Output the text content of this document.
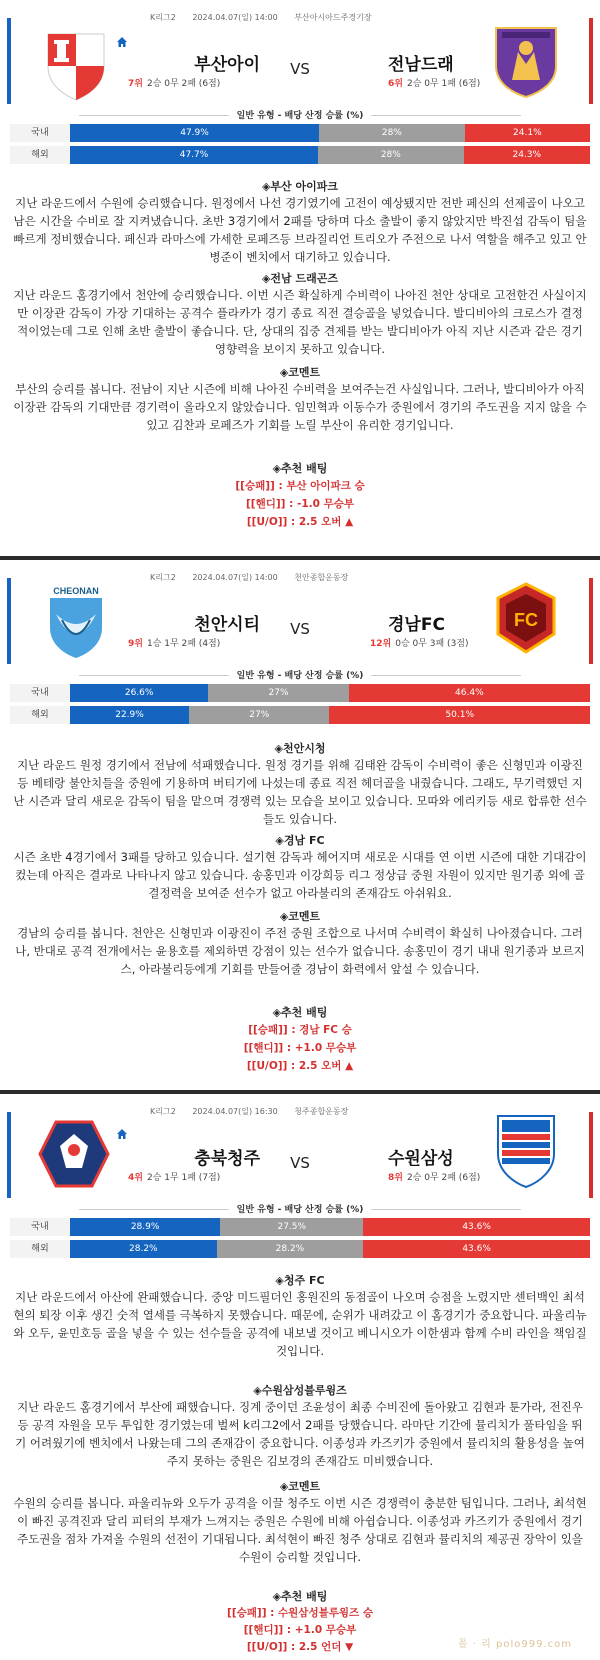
K리그2 2024.04.07(일) 14:00 부산아시아드주경기장
부산아이
7위 2승 0무 2패 (6점)
VS	전남드래
6위 2승 0무 1패 (6점)
일반 유형 - 배당 산정 승률 (%)
국내	47.9%	28%	24.1%
해외	47.7%	28%	24.3%
◈부산 아이파크
지난 라운드에서 수원에 승리했습니다. 원정에서 나선 경기였기에 고전이 예상됐지만 전반 페신의 선제골이 나오고 남은 시간을 수비로 잘 지켜냈습니다. 초반 3경기에서 2패를 당하며 다소 출발이 좋지 않았지만 박진섭 감독이 팀을 빠르게 정비했습니다. 페신과 라마스에 가세한 로페즈등 브라질리언 트리오가 주전으로 나서 역할을 해주고 있고 안병준이 벤치에서 대기하고 있습니다.
◈전남 드래곤즈
지난 라운드 홈경기에서 천안에 승리했습니다. 이번 시즌 확실하게 수비력이 나아진 천안 상대로 고전한건 사실이지만 이장관 감독이 가장 기대하는 공격수 플라카가 경기 종료 직전 결승골을 넣었습니다. 발디비아의 크로스가 결정적이었는데 그로 인해 초반 출발이 좋습니다. 단, 상대의 집중 견제를 받는 발디비아가 아직 지난 시즌과 같은 경기 영향력을 보이지 못하고 있습니다.
◈코멘트
부산의 승리를 봅니다. 전남이 지난 시즌에 비해 나아진 수비력을 보여주는건 사실입니다. 그러나, 발디비아가 아직 이장관 감독의 기대만큼 경기력이 올라오지 않았습니다. 임민혁과 이동수가 중원에서 경기의 주도권을 지지 않을 수 있고 김찬과 로페즈가 기회를 노릴 부산이 유리한 경기입니다.
◈추천 배팅
[[승패]] : 부산 아이파크 승
[[핸디]] : -1.0 무승부
[[U/O]] : 2.5 오버 ▲
K리그2 2024.04.07(일) 14:00 천안종합운동장
CHEONAN
천안시티
9위 1승 1무 2패 (4점)
VS	경남FC
12위 0승 0무 3패 (3점)
FC
일반 유형 - 배당 산정 승률 (%)
국내	26.6%	27%	46.4%
해외	22.9%	27%	50.1%
◈천안시청
지난 라운드 원정 경기에서 전남에 석패했습니다. 원정 경기를 위해 김태완 감독이 수비력이 좋은 신형민과 이광진등 베테랑 불안치들을 중원에 기용하며 버티기에 나섰는데 종료 직전 헤더골을 내줬습니다. 그래도, 무기력했던 지난 시즌과 달리 새로운 감독이 팀을 맡으며 경쟁력 있는 모습을 보이고 있습니다. 모따와 에리키등 새로 합류한 선수들도 있습니다.
◈경남 FC
시즌 초반 4경기에서 3패를 당하고 있습니다. 설기현 감독과 헤어지며 새로운 시대를 연 이번 시즌에 대한 기대감이 컸는데 아직은 결과로 나타나지 않고 있습니다. 송홍민과 이강희등 리그 정상급 중원 자원이 있지만 원기종 외에 골 결정력을 보여준 선수가 없고 아라불리의 존재감도 아쉬워요.
◈코멘트
경남의 승리를 봅니다. 천안은 신형민과 이광진이 주전 중원 조합으로 나서며 수비력이 확실히 나아졌습니다. 그러나, 반대로 공격 전개에서는 윤용호를 제외하면 강점이 있는 선수가 없습니다. 송홍민이 경기 내내 원기종과 보르지스, 아라불리등에게 기회를 만들어줄 경남이 화력에서 앞설 수 있습니다.
◈추천 배팅
[[승패]] : 경남 FC 승
[[핸디]] : +1.0 무승부
[[U/O]] : 2.5 오버 ▲
K리그2 2024.04.07(일) 16:30 청주종합운동장
충북청주
4위 2승 1무 1패 (7점)
VS	수원삼성
8위 2승 0무 2패 (6점)
일반 유형 - 배당 산정 승률 (%)
국내	28.9%	27.5%	43.6%
해외	28.2%	28.2%	43.6%
◈청주 FC
지난 라운드에서 아산에 완패했습니다. 중앙 미드필더인 홍원진의 동점골이 나오며 승점을 노렸지만 센터백인 최석현의 퇴장 이후 생긴 숫적 열세를 극복하지 못했습니다. 때문에, 순위가 내려갔고 이 홈경기가 중요합니다. 파울리뉴와 오두, 윤민호등 골을 넣을 수 있는 선수들을 공격에 내보낼 것이고 베니시오가 이한샘과 함께 수비 라인을 책임질 것입니다.
◈수원삼성블루윙즈
지난 라운드 홈경기에서 부산에 패했습니다. 징계 중이던 조윤성이 최종 수비진에 돌아왔고 김현과 툰가라, 전진우등 공격 자원을 모두 투입한 경기였는데 벌써 k리그2에서 2패를 당했습니다. 라마단 기간에 뮬리치가 풀타임을 뛰기 어려웠기에 벤치에서 나왔는데 그의 존재감이 중요합니다. 이종성과 카즈키가 중원에서 뮬리치의 활용성을 높여주지 못하는 중원은 김보경의 존재감도 미비했습니다.
◈코멘트
수원의 승리를 봅니다. 파울리뉴와 오두가 공격을 이끌 청주도 이번 시즌 경쟁력이 충분한 팀입니다. 그러나, 최석현이 빠진 공격진과 달리 피터의 부재가 느껴지는 중원은 수원에 비해 아쉽습니다. 이종성과 카즈키가 중원에서 경기 주도권을 점차 가져올 수원의 선전이 기대됩니다. 최석현이 빠진 청주 상대로 김현과 뮬리치의 제공권 장악이 있을 수원이 승리할 것입니다.
◈추천 배팅
[[승패]] : 수원삼성블루윙즈 승
[[핸디]] : +1.0 무승부
[[U/O]] : 2.5 언더 ▼	폴 · 리 polo999.com
